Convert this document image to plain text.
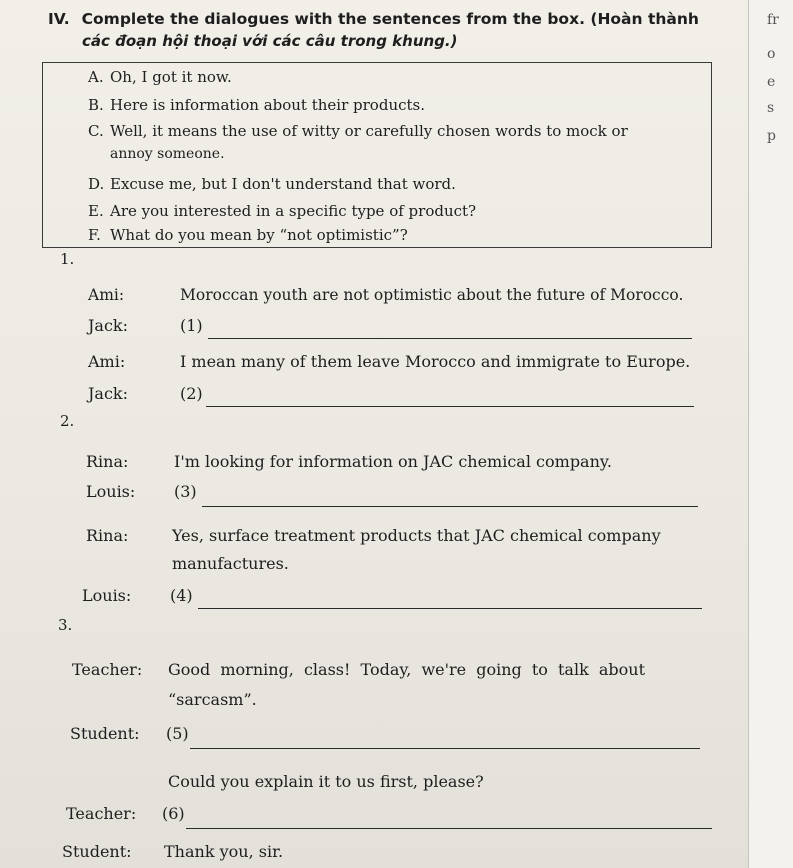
fr
o
e
s
p
IV. Complete the dialogues with the sentences from the box. (Hoàn thành
các đoạn hội thoại với các câu trong khung.)
A. Oh, I got it now.
B. Here is information about their products.
C. Well, it means the use of witty or carefully chosen words to mock or
annoy someone.
D. Excuse me, but I don't understand that word.
E. Are you interested in a specific type of product?
F. What do you mean by “not optimistic”?
1.
Ami:	Moroccan youth are not optimistic about the future of Morocco.
Jack:	(1)
Ami:	I mean many of them leave Morocco and immigrate to Europe.
Jack:	(2)
2.
Rina:	I'm looking for information on JAC chemical company.
Louis: (3)
Rina:	Yes, surface treatment products that JAC chemical company
manufactures.
Louis: (4)
3.
Teacher: Good morning, class! Today, we're going to talk about
“sarcasm”.
Student: (5)
Could you explain it to us first, please?
Teacher: (6)
Student: Thank you, sir.
